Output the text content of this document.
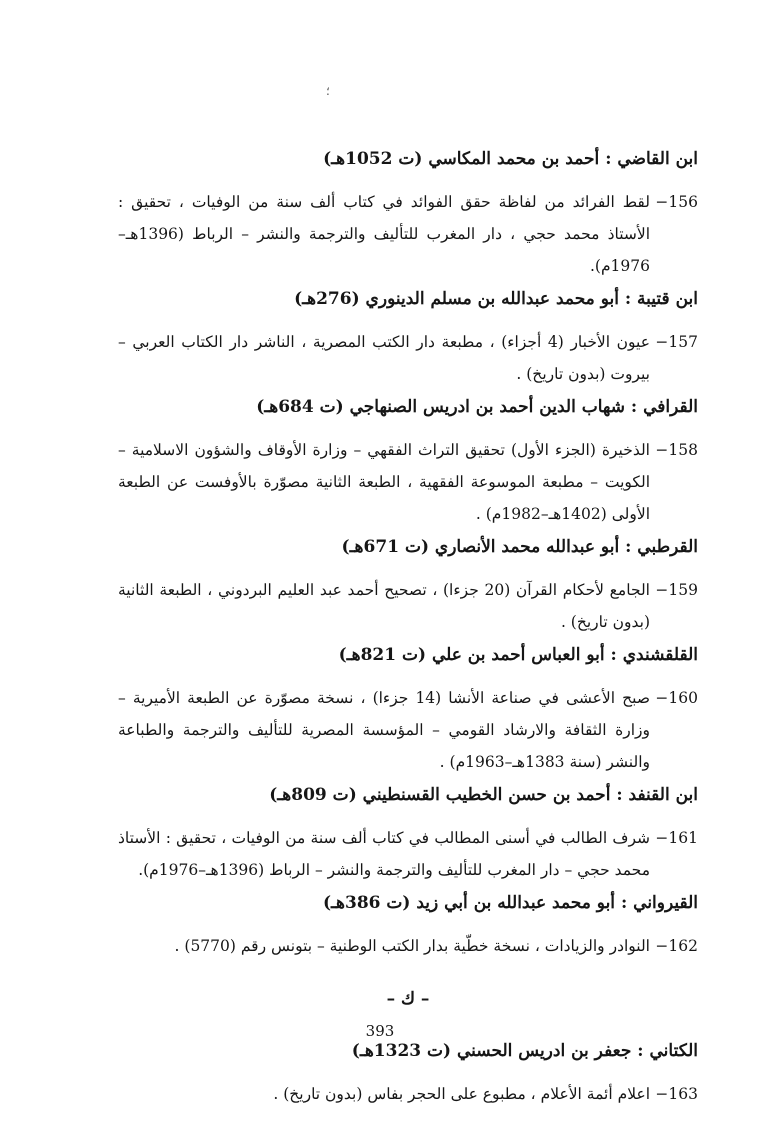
؛
ابن القاضي : أحمد بن محمد المكاسي (ت 1052هـ)

156−
لقط الفرائد من لفاظة حقق الفوائد في كتاب ألف سنة من الوفيات ، تحقيق : الأستاذ محمد حجي ، دار المغرب للتأليف والترجمة والنشر – الرباط (1396هـ–1976م).

ابن قتيبة : أبو محمد عبدالله بن مسلم الدينوري (276هـ)

157−
عيون الأخبار (4 أجزاء) ، مطبعة دار الكتب المصرية ، الناشر دار الكتاب العربي – بيروت (بدون تاريخ) .

القرافي : شهاب الدين أحمد بن ادريس الصنهاجي (ت 684هـ)

158−
الذخيرة (الجزء الأول) تحقيق التراث الفقهي – وزارة الأوقاف والشؤون الاسلامية – الكويت – مطبعة الموسوعة الفقهية ، الطبعة الثانية مصوّرة بالأوفست عن الطبعة الأولى (1402هـ–1982م) .

القرطبي : أبو عبدالله محمد الأنصاري (ت 671هـ)

159−
الجامع لأحكام القرآن (20 جزءا) ، تصحيح أحمد عبد العليم البردوني ، الطبعة الثانية (بدون تاريخ) .

القلقشندي : أبو العباس أحمد بن علي (ت 821هـ)

160−
صبح الأعشى في صناعة الأنشا (14 جزءا) ، نسخة مصوّرة عن الطبعة الأميرية – وزارة الثقافة والارشاد القومي – المؤسسة المصرية للتأليف والترجمة والطباعة والنشر (سنة 1383هـ–1963م) .

ابن القنفد : أحمد بن حسن الخطيب القسنطيني (ت 809هـ)

161−
شرف الطالب في أسنى المطالب في كتاب ألف سنة من الوفيات ، تحقيق : الأستاذ محمد حجي – دار المغرب للتأليف والترجمة والنشر – الرباط (1396هـ–1976م).

القيرواني : أبو محمد عبدالله بن أبي زيد (ت 386هـ)

162−
النوادر والزيادات ، نسخة خطّية بدار الكتب الوطنية – بتونس رقم (5770) .

– ك –
الكتاني : جعفر بن ادريس الحسني (ت 1323هـ)

163−
اعلام أئمة الأعلام ، مطبوع على الحجر بفاس (بدون تاريخ) .

393
